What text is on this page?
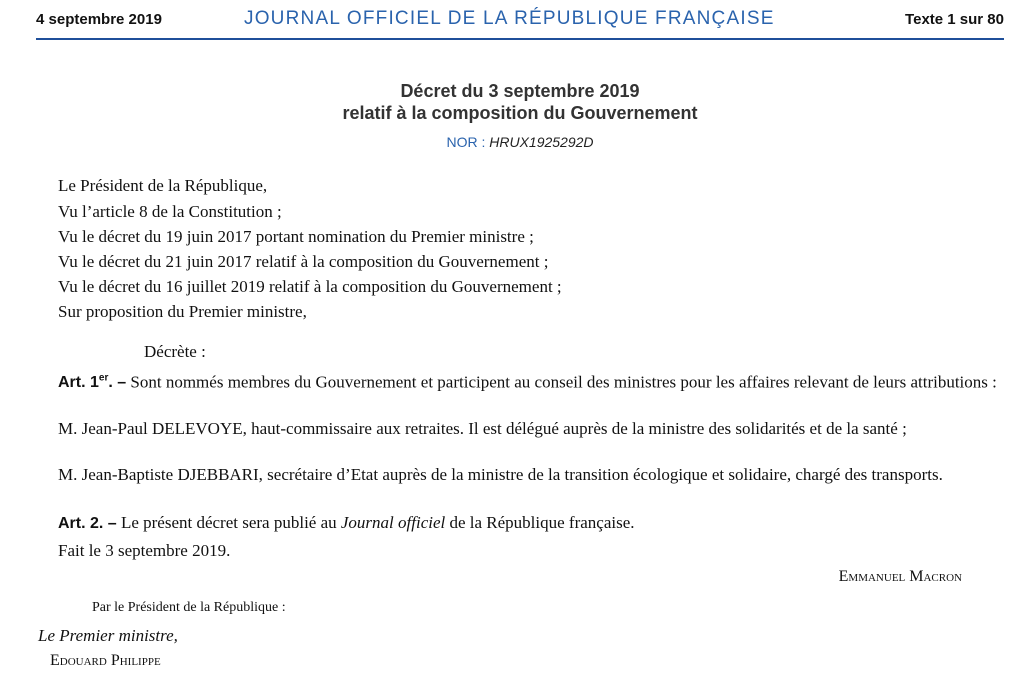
4 septembre 2019	JOURNAL OFFICIEL DE LA RÉPUBLIQUE FRANÇAISE	Texte 1 sur 80
Décret du 3 septembre 2019
relatif à la composition du Gouvernement
NOR : HRUX1925292D
Le Président de la République,
Vu l’article 8 de la Constitution ;
Vu le décret du 19 juin 2017 portant nomination du Premier ministre ;
Vu le décret du 21 juin 2017 relatif à la composition du Gouvernement ;
Vu le décret du 16 juillet 2019 relatif à la composition du Gouvernement ;
Sur proposition du Premier ministre,
Décrète :
Art. 1er. – Sont nommés membres du Gouvernement et participent au conseil des ministres pour les affaires relevant de leurs attributions :
M. Jean-Paul DELEVOYE, haut-commissaire aux retraites. Il est délégué auprès de la ministre des solidarités et de la santé ;
M. Jean-Baptiste DJEBBARI, secrétaire d’Etat auprès de la ministre de la transition écologique et solidaire, chargé des transports.
Art. 2. – Le présent décret sera publié au Journal officiel de la République française.
Fait le 3 septembre 2019.
Emmanuel Macron
Par le Président de la République :
Le Premier ministre,
Edouard Philippe
